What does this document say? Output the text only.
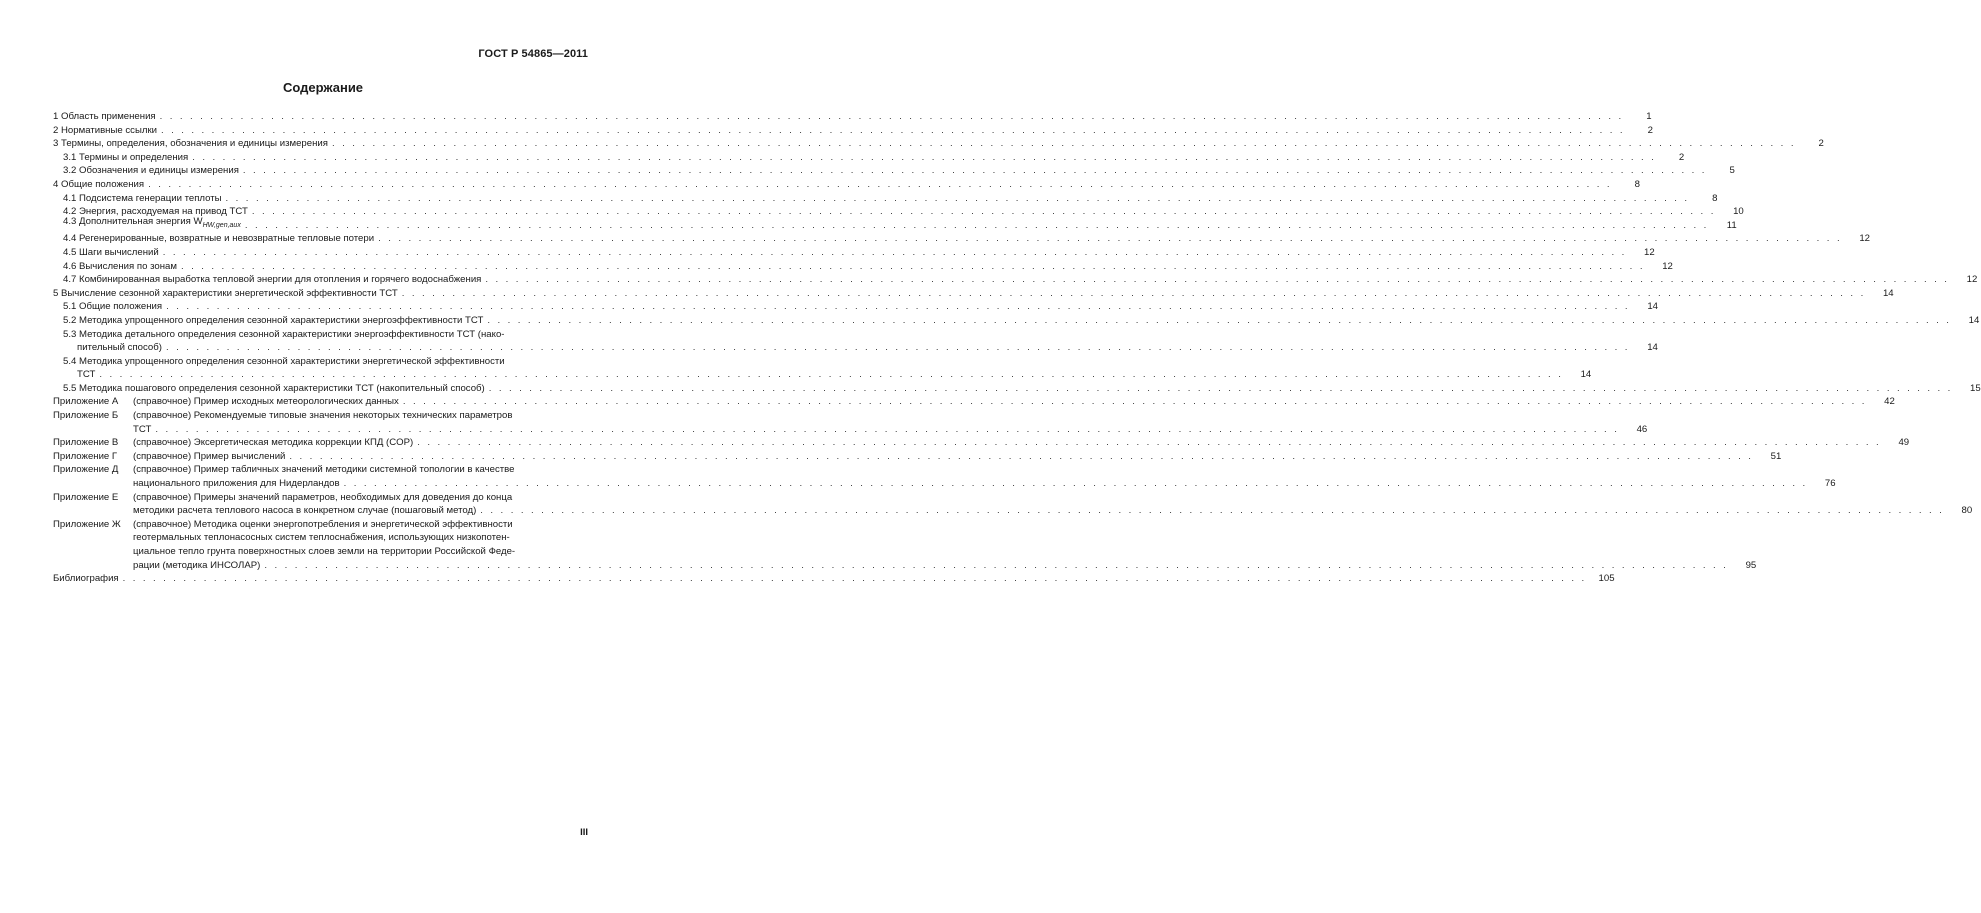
ГОСТ Р 54865—2011
Содержание
1 Область применения . . .	1
2 Нормативные ссылки . . .	2
3 Термины, определения, обозначения и единицы измерения . . .	2
3.1 Термины и определения . . .	2
3.2 Обозначения и единицы измерения . . .	5
4 Общие положения . . .	8
4.1 Подсистема генерации теплоты . . .	8
4.2 Энергия, расходуемая на привод ТСТ . . .	10
4.3 Дополнительная энергия $W_{HW,gen,aux}$ . . .	11
4.4 Регенерированные, возвратные и невозвратные тепловые потери . . .	12
4.5 Шаги вычислений . . .	12
4.6 Вычисления по зонам . . .	12
4.7 Комбинированная выработка тепловой энергии для отопления и горячего водоснабжения . . .	12
5 Вычисление сезонной характеристики энергетической эффективности ТСТ . . .	14
5.1 Общие положения . . .	14
5.2 Методика упрощенного определения сезонной характеристики энергоэффективности ТСТ . . .	14
5.3 Методика детального определения сезонной характеристики энергоэффективности ТСТ (нако-
пительный способ) . . .	14
5.4 Методика упрощенного определения сезонной характеристики энергетической эффективности
ТСТ . . .	14
5.5 Методика пошагового определения сезонной характеристики ТСТ (накопительный способ) . . .	15
Приложение А	(справочное) Пример исходных метеорологических данных . . .	42
Приложение Б	(справочное) Рекомендуемые типовые значения некоторых технических параметров
ТСТ . . .	46
Приложение В	(справочное) Эксергетическая методика коррекции КПД (COP) . . .	49
Приложение Г	(справочное) Пример вычислений . . .	51
Приложение Д	(справочное) Пример табличных значений методики системной топологии в качестве
национального приложения для Нидерландов . . .	76
Приложение Е	(справочное) Примеры значений параметров, необходимых для доведения до конца
методики расчета теплового насоса в конкретном случае (пошаговый метод) . . .	80
Приложение Ж	(справочное) Методика оценки энергопотребления и энергетической эффективности
геотермальных теплонасосных систем теплоснабжения, использующих низкопотен-
циальное тепло грунта поверхностных слоев земли на территории Российской Феде-
рации (методика ИНСОЛАР) . . .	95
Библиография . . .	105
III
